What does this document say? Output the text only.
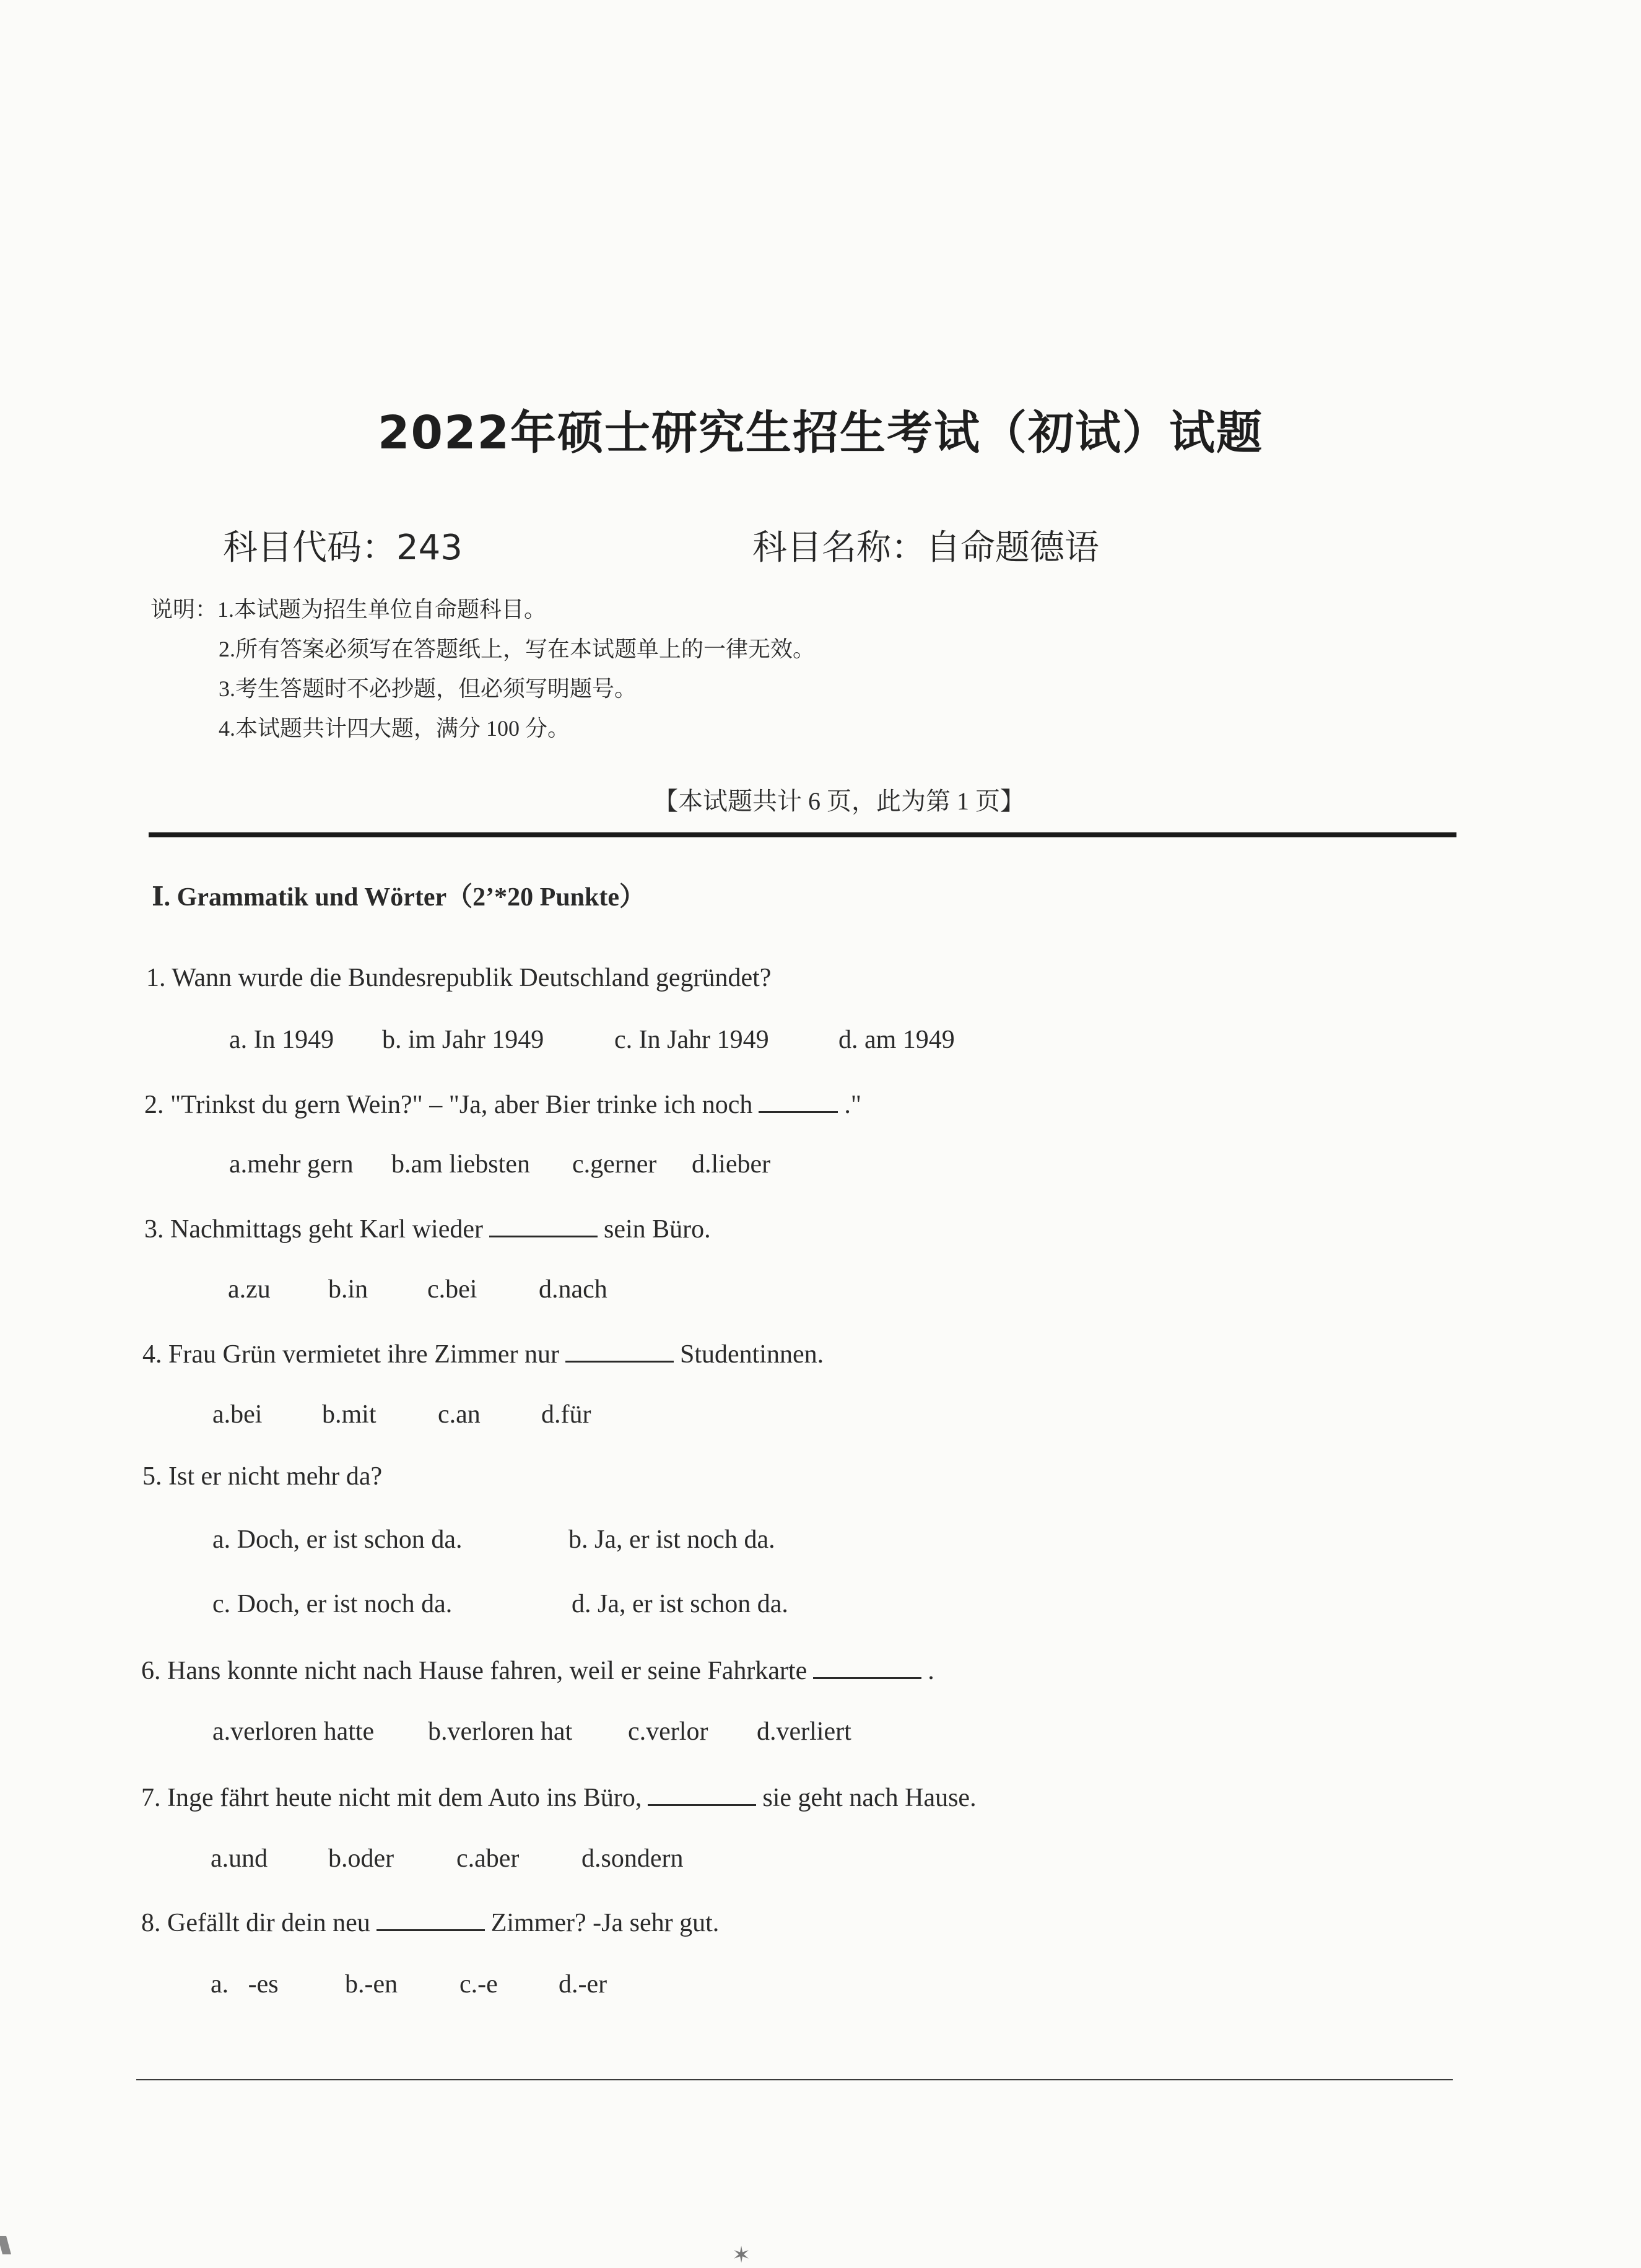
2022年硕士研究生招生考试（初试）试题
科目代码：243	科目名称：自命题德语
说明：1.本试题为招生单位自命题科目。
2.所有答案必须写在答题纸上，写在本试题单上的一律无效。
3.考生答题时不必抄题，但必须写明题号。
4.本试题共计四大题，满分 100 分。
【本试题共计 6 页，此为第 1 页】
Ⅰ. Grammatik und Wörter（2’*20 Punkte）
1. Wann wurde die Bundesrepublik Deutschland gegründet?
a. In 1949 b. im Jahr 1949	c. In Jahr 1949	d. am 1949
2. "Trinkst du gern Wein?" – "Ja, aber Bier trinke ich noch	."
a.mehr gern b.am liebsten c.gerner d.lieber
3. Nachmittags geht Karl wieder	sein Büro.
a.zu b.in c.bei d.nach
4. Frau Grün vermietet ihre Zimmer nur	Studentinnen.
a.bei b.mit c.an d.für
5. Ist er nicht mehr da?
a. Doch, er ist schon da.	b. Ja, er ist noch da.
c. Doch, er ist noch da.	d. Ja, er ist schon da.
6. Hans konnte nicht nach Hause fahren, weil er seine Fahrkarte	.
a.verloren hatte b.verloren hat c.verlor d.verliert
7. Inge fährt heute nicht mit dem Auto ins Büro,	sie geht nach Hause.
a.und b.oder c.aber d.sondern
8. Gefällt dir dein neu	Zimmer? -Ja sehr gut.
a.   -es	b.-en c.-e d.-er
✶
